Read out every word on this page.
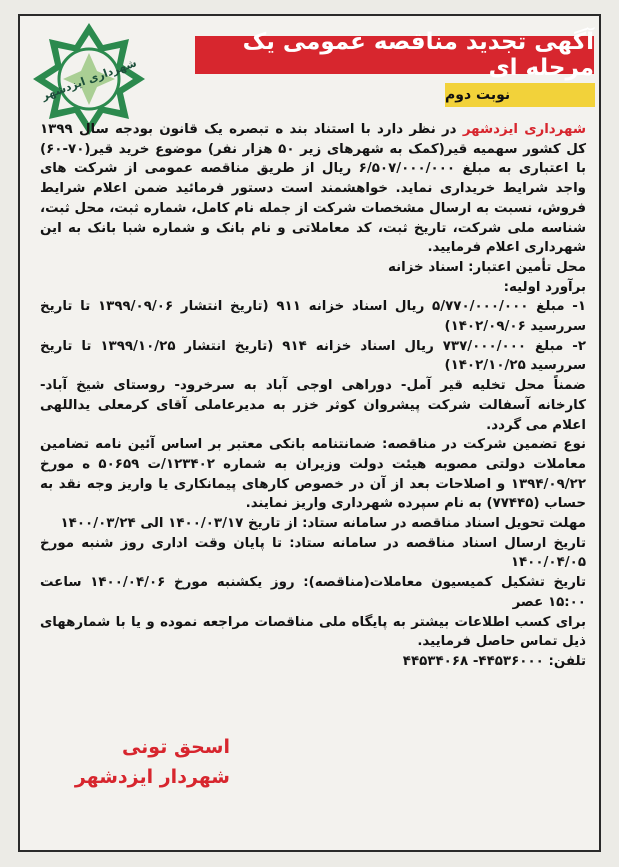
شهرداری ایزدشهر
آگهی تجدید مناقصه عمومی یک مرحله ای
نوبت دوم

شهرداری ایزدشهر در نظر دارد با استناد بند ه تبصره یک قانون بودجه سال ۱۳۹۹ کل کشور سهمیه قیر(کمک به شهرهای زیر ۵۰ هزار نفر) موضوع خرید قیر(۷۰-۶۰) با اعتباری به مبلغ ۶/۵۰۷/۰۰۰/۰۰۰ ریال از طریق مناقصه عمومی از شرکت های واجد شرایط خریداری نماید. خواهشمند است دستور فرمائید ضمن اعلام شرایط فروش، نسبت به ارسال مشخصات شرکت از جمله نام کامل، شماره ثبت، محل ثبت، شناسه ملی شرکت، تاریخ ثبت، کد معاملاتی و نام بانک و شماره شبا بانک به این شهرداری اعلام فرمایید.

محل تأمین اعتبار: اسناد خزانه

برآورد اولیه:

۱- مبلغ ۵/۷۷۰/۰۰۰/۰۰۰ ریال اسناد خزانه ۹۱۱ (تاریخ انتشار ۱۳۹۹/۰۹/۰۶ تا تاریخ سررسید ۱۴۰۲/۰۹/۰۶)

۲- مبلغ ۷۳۷/۰۰۰/۰۰۰ ریال اسناد خزانه ۹۱۴ (تاریخ انتشار ۱۳۹۹/۱۰/۲۵ تا تاریخ سررسید ۱۴۰۲/۱۰/۲۵)

ضمناً محل تخلیه قیر آمل- دوراهی اوجی آباد به سرخرود- روستای شیخ آباد- کارخانه آسفالت شرکت پیشروان کوثر خزر به مدیرعاملی آقای کرمعلی یداللهی اعلام می گردد.

نوع تضمین شرکت در مناقصه: ضمانتنامه بانکی معتبر بر اساس آئین نامه تضامین معاملات دولتی مصوبه هیئت دولت وزیران به شماره ۱۲۳۴۰۲/ت ۵۰۶۵۹ ه مورخ ۱۳۹۴/۰۹/۲۲ و اصلاحات بعد از آن در خصوص کارهای پیمانکاری یا واریز وجه نقد به حساب (۷۷۴۴۵) به نام سپرده شهرداری واریز نمایند.

مهلت تحویل اسناد مناقصه در سامانه ستاد: از تاریخ ۱۴۰۰/۰۳/۱۷ الی ۱۴۰۰/۰۳/۲۴

تاریخ ارسال اسناد مناقصه در سامانه ستاد: تا پایان وقت اداری روز شنبه مورخ ۱۴۰۰/۰۴/۰۵

تاریخ تشکیل کمیسیون معاملات(مناقصه): روز یکشنبه مورخ ۱۴۰۰/۰۴/۰۶ ساعت ۱۵:۰۰ عصر

برای کسب اطلاعات بیشتر به پایگاه ملی مناقصات مراجعه نموده و یا با شمارههای ذیل تماس حاصل فرمایید.

تلفن: ۴۴۵۳۶۰۰۰- ۴۴۵۳۴۰۶۸

اسحق تونی
شهردار ایزدشهر
